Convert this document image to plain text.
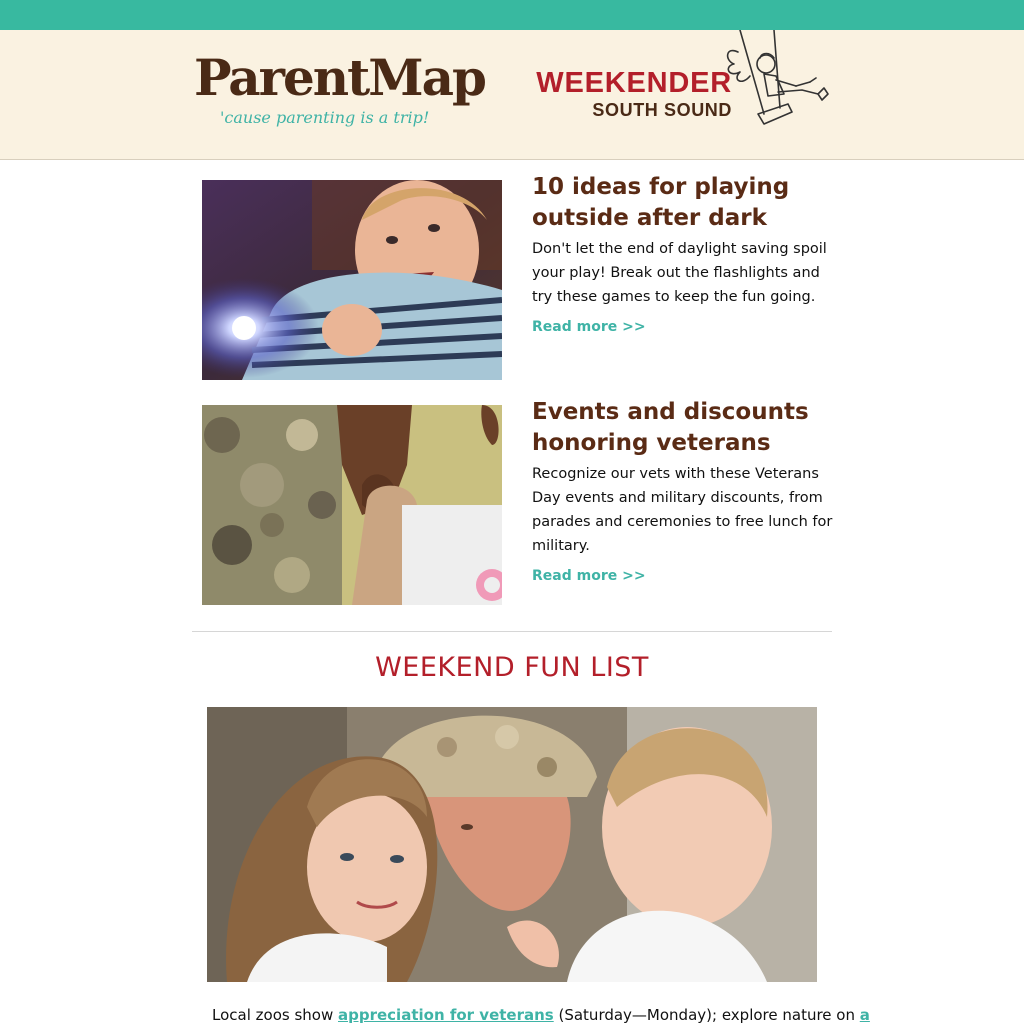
ParentMap
'cause parenting is a trip!
WEEKENDER
SOUTH SOUND
10 ideas for playing outside after dark
Don't let the end of daylight saving spoil your play! Break out the flashlights and try these games to keep the fun going.
Read more >>
Events and discounts honoring veterans
Recognize our vets with these Veterans Day events and military discounts, from parades and ceremonies to free lunch for military.
Read more >>
WEEKEND FUN LIST
Local zoos show appreciation for veterans (Saturday—Monday); explore nature on a
